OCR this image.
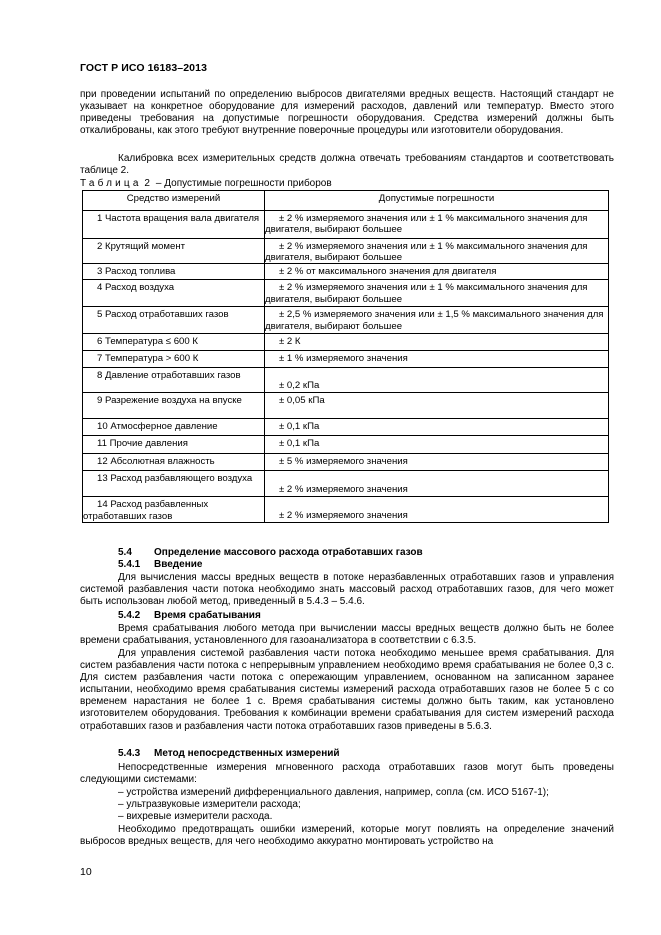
ГОСТ Р ИСО 16183–2013
при проведении испытаний по определению выбросов двигателями вредных веществ. Настоящий стандарт не указывает на конкретное оборудование для измерений расходов, давлений или температур. Вместо этого приведены требования на допустимые погрешности оборудования. Средства измерений должны быть откалиброваны, как этого требуют внутренние поверочные процедуры или изготовители оборудования.
Калибровка всех измерительных средств должна отвечать требованиям стандартов и соответствовать таблице 2.
Таблица 2 – Допустимые погрешности приборов
Средство измерений	Допустимые погрешности
1 Частота вращения вала двигателя	± 2 % измеряемого значения или ± 1 % максимального значения для двигателя, выбирают большее
2 Крутящий момент	± 2 % измеряемого значения или ± 1 % максимального значения для двигателя, выбирают большее
3 Расход топлива	± 2 % от максимального значения для двигателя
4 Расход воздуха	± 2 % измеряемого значения или ± 1 % максимального значения для двигателя, выбирают большее
5 Расход отработавших газов	± 2,5 % измеряемого значения или ± 1,5 % максимального значения для двигателя, выбирают большее
6 Температура ≤ 600 К	± 2 К
7 Температура > 600 К	± 1 % измеряемого значения
8 Давление отработавших газов	± 0,2 кПа
9 Разрежение воздуха на впуске	± 0,05 кПа
10 Атмосферное давление	± 0,1 кПа
11 Прочие давления	± 0,1 кПа
12 Абсолютная влажность	± 5 % измеряемого значения
13 Расход разбавляющего воздуха	± 2 % измеряемого значения
14 Расход разбавленных отработавших газов	± 2 % измеряемого значения
5.4 Определение массового расхода отработавших газов
5.4.1 Введение
Для вычисления массы вредных веществ в потоке неразбавленных отработавших газов и управления системой разбавления части потока необходимо знать массовый расход отработавших газов, для чего может быть использован любой метод, приведенный в 5.4.3 – 5.4.6.
5.4.2 Время срабатывания
Время срабатывания любого метода при вычислении массы вредных веществ должно быть не более времени срабатывания, установленного для газоанализатора в соответствии с 6.3.5.
Для управления системой разбавления части потока необходимо меньшее время срабатывания. Для систем разбавления части потока с непрерывным управлением необходимо время срабатывания не более 0,3 с. Для систем разбавления части потока с опережающим управлением, основанном на записанном заранее испытании, необходимо время срабатывания системы измерений расхода отработавших газов не более 5 с со временем нарастания не более 1 с. Время срабатывания системы должно быть таким, как установлено изготовителем оборудования. Требования к комбинации времени срабатывания для систем измерений расхода отработавших газов и разбавления части потока отработавших газов приведены в 5.6.3.
5.4.3 Метод непосредственных измерений
Непосредственные измерения мгновенного расхода отработавших газов могут быть проведены следующими системами:
– устройства измерений дифференциального давления, например, сопла (см. ИСО 5167-1);
– ультразвуковые измерители расхода;
– вихревые измерители расхода.
Необходимо предотвращать ошибки измерений, которые могут повлиять на определение значений выбросов вредных веществ, для чего необходимо аккуратно монтировать устройство на
10
